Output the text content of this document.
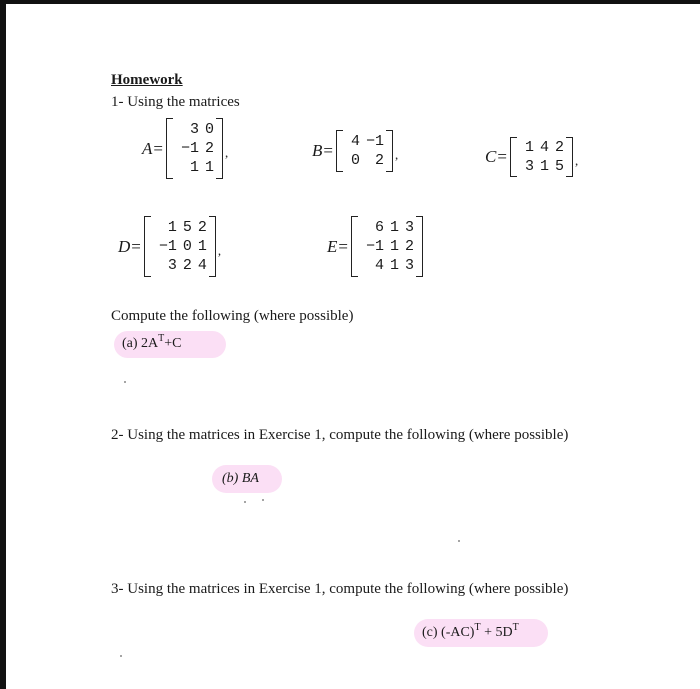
Homework
1- Using the matrices
A =
3 0
−1 2
1 1
,	B =	4 −1
0	2 ,	C =	1 4 2
3 1 5 ,
D =
1 5 2
−1 0 1
3 2 4
,	E =
6 1 3
−1 1 2
4 1 3
Compute the following (where possible)
(a) $2A^T+C$
2- Using the matrices in Exercise 1, compute the following (where possible)
(b) BA
3- Using the matrices in Exercise 1, compute the following (where possible)
(c) $(-AC)^T + 5D^T$
